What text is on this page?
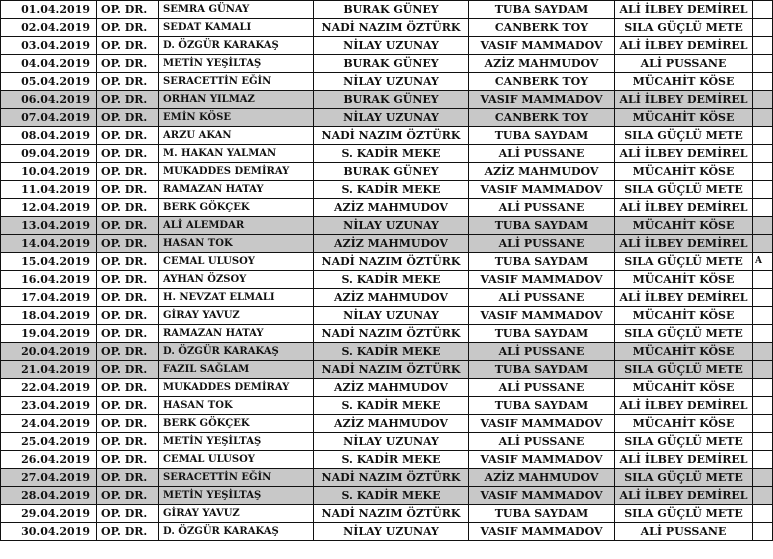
01.04.2019	OP. DR.	SEMRA GÜNAY	BURAK GÜNEY	TUBA SAYDAM	ALİ İLBEY DEMİREL	
02.04.2019	OP. DR.	SEDAT KAMALI	NADİ NAZIM ÖZTÜRK	CANBERK TOY	SILA GÜÇLÜ METE	
03.04.2019	OP. DR.	D. ÖZGÜR KARAKAŞ	NİLAY UZUNAY	VASIF MAMMADOV	ALİ İLBEY DEMİREL	
04.04.2019	OP. DR.	METİN YEŞİLTAŞ	BURAK GÜNEY	AZİZ MAHMUDOV	ALİ PUSSANE	
05.04.2019	OP. DR.	SERACETTİN EĞİN	NİLAY UZUNAY	CANBERK TOY	MÜCAHİT KÖSE	
06.04.2019	OP. DR.	ORHAN YILMAZ	BURAK GÜNEY	VASIF MAMMADOV	ALİ İLBEY DEMİREL	
07.04.2019	OP. DR.	EMİN KÖSE	NİLAY UZUNAY	CANBERK TOY	MÜCAHİT KÖSE	
08.04.2019	OP. DR.	ARZU AKAN	NADİ NAZIM ÖZTÜRK	TUBA SAYDAM	SILA GÜÇLÜ METE	
09.04.2019	OP. DR.	M. HAKAN YALMAN	S. KADİR MEKE	ALİ PUSSANE	ALİ İLBEY DEMİREL	
10.04.2019	OP. DR.	MUKADDES DEMİRAY	BURAK GÜNEY	AZİZ MAHMUDOV	MÜCAHİT KÖSE	
11.04.2019	OP. DR.	RAMAZAN HATAY	S. KADİR MEKE	VASIF MAMMADOV	SILA GÜÇLÜ METE	
12.04.2019	OP. DR.	BERK GÖKÇEK	AZİZ MAHMUDOV	ALİ PUSSANE	ALİ İLBEY DEMİREL	
13.04.2019	OP. DR.	ALİ ALEMDAR	NİLAY UZUNAY	TUBA SAYDAM	MÜCAHİT KÖSE	
14.04.2019	OP. DR.	HASAN TOK	AZİZ MAHMUDOV	ALİ PUSSANE	ALİ İLBEY DEMİREL	
15.04.2019	OP. DR.	CEMAL ULUSOY	NADİ NAZIM ÖZTÜRK	TUBA SAYDAM	SILA GÜÇLÜ METE	A
16.04.2019	OP. DR.	AYHAN ÖZSOY	S. KADİR MEKE	VASIF MAMMADOV	MÜCAHİT KÖSE	
17.04.2019	OP. DR.	H. NEVZAT ELMALI	AZİZ MAHMUDOV	ALİ PUSSANE	ALİ İLBEY DEMİREL	
18.04.2019	OP. DR.	GİRAY YAVUZ	NİLAY UZUNAY	VASIF MAMMADOV	MÜCAHİT KÖSE	
19.04.2019	OP. DR.	RAMAZAN HATAY	NADİ NAZIM ÖZTÜRK	TUBA SAYDAM	SILA GÜÇLÜ METE	
20.04.2019	OP. DR.	D. ÖZGÜR KARAKAŞ	S. KADİR MEKE	ALİ PUSSANE	MÜCAHİT KÖSE	
21.04.2019	OP. DR.	FAZIL SAĞLAM	NADİ NAZIM ÖZTÜRK	TUBA SAYDAM	SILA GÜÇLÜ METE	
22.04.2019	OP. DR.	MUKADDES DEMİRAY	AZİZ MAHMUDOV	ALİ PUSSANE	MÜCAHİT KÖSE	
23.04.2019	OP. DR.	HASAN TOK	S. KADİR MEKE	TUBA SAYDAM	ALİ İLBEY DEMİREL	
24.04.2019	OP. DR.	BERK GÖKÇEK	AZİZ MAHMUDOV	VASIF MAMMADOV	MÜCAHİT KÖSE	
25.04.2019	OP. DR.	METİN YEŞİLTAŞ	NİLAY UZUNAY	ALİ PUSSANE	SILA GÜÇLÜ METE	
26.04.2019	OP. DR.	CEMAL ULUSOY	S. KADİR MEKE	VASIF MAMMADOV	ALİ İLBEY DEMİREL	
27.04.2019	OP. DR.	SERACETTİN EĞİN	NADİ NAZIM ÖZTÜRK	AZİZ MAHMUDOV	SILA GÜÇLÜ METE	
28.04.2019	OP. DR.	METİN YEŞİLTAŞ	S. KADİR MEKE	VASIF MAMMADOV	ALİ İLBEY DEMİREL	
29.04.2019	OP. DR.	GİRAY YAVUZ	NADİ NAZIM ÖZTÜRK	TUBA SAYDAM	SILA GÜÇLÜ METE	
30.04.2019	OP. DR.	D. ÖZGÜR KARAKAŞ	NİLAY UZUNAY	VASIF MAMMADOV	ALİ PUSSANE	
